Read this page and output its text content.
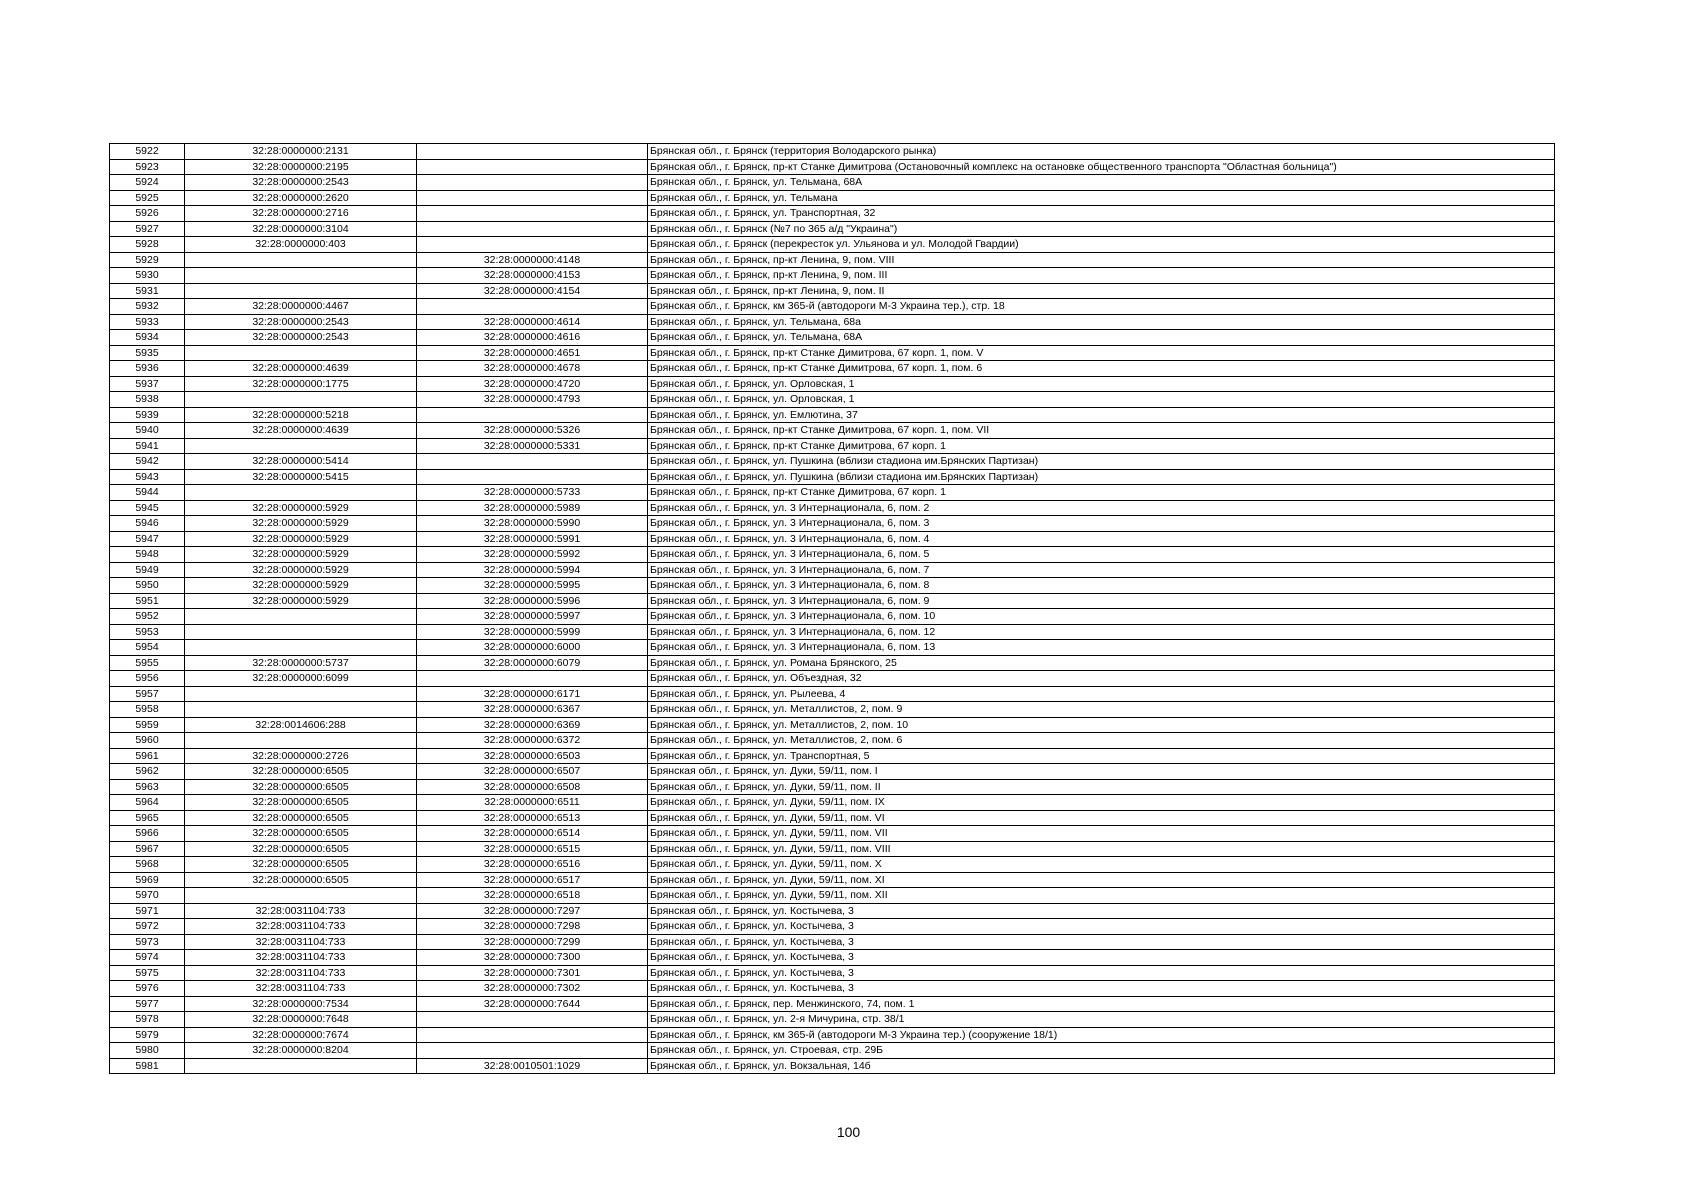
5922	32:28:0000000:2131		Брянская обл., г. Брянск (территория Володарского рынка)
5923	32:28:0000000:2195		Брянская обл., г. Брянск, пр-кт Станке Димитрова (Остановочный комплекс на остановке общественного транспорта "Областная больница")
5924	32:28:0000000:2543		Брянская обл., г. Брянск, ул. Тельмана, 68А
5925	32:28:0000000:2620		Брянская обл., г. Брянск, ул. Тельмана
5926	32:28:0000000:2716		Брянская обл., г. Брянск, ул. Транспортная, 32
5927	32:28:0000000:3104		Брянская обл., г. Брянск (№7 по 365 а/д "Украина")
5928	32:28:0000000:403		Брянская обл., г. Брянск (перекресток ул. Ульянова и ул. Молодой Гвардии)
5929		32:28:0000000:4148	Брянская обл., г. Брянск, пр-кт Ленина, 9, пом. VIII
5930		32:28:0000000:4153	Брянская обл., г. Брянск, пр-кт Ленина, 9, пом. III
5931		32:28:0000000:4154	Брянская обл., г. Брянск, пр-кт Ленина, 9, пом. II
5932	32:28:0000000:4467		Брянская обл., г. Брянск, км 365-й (автодороги М-3 Украина тер.), стр. 18
5933	32:28:0000000:2543	32:28:0000000:4614	Брянская обл., г. Брянск, ул. Тельмана, 68а
5934	32:28:0000000:2543	32:28:0000000:4616	Брянская обл., г. Брянск, ул. Тельмана, 68А
5935		32:28:0000000:4651	Брянская обл., г. Брянск, пр-кт Станке Димитрова, 67 корп. 1, пом. V
5936	32:28:0000000:4639	32:28:0000000:4678	Брянская обл., г. Брянск, пр-кт Станке Димитрова, 67 корп. 1, пом. 6
5937	32:28:0000000:1775	32:28:0000000:4720	Брянская обл., г. Брянск, ул. Орловская, 1
5938		32:28:0000000:4793	Брянская обл., г. Брянск, ул. Орловская, 1
5939	32:28:0000000:5218		Брянская обл., г. Брянск, ул. Емлютина, 37
5940	32:28:0000000:4639	32:28:0000000:5326	Брянская обл., г. Брянск, пр-кт Станке Димитрова, 67 корп. 1, пом. VII
5941		32:28:0000000:5331	Брянская обл., г. Брянск, пр-кт Станке Димитрова, 67 корп. 1
5942	32:28:0000000:5414		Брянская обл., г. Брянск, ул. Пушкина (вблизи стадиона им.Брянских Партизан)
5943	32:28:0000000:5415		Брянская обл., г. Брянск, ул. Пушкина (вблизи стадиона им.Брянских Партизан)
5944		32:28:0000000:5733	Брянская обл., г. Брянск, пр-кт Станке Димитрова, 67 корп. 1
5945	32:28:0000000:5929	32:28:0000000:5989	Брянская обл., г. Брянск, ул. 3 Интернационала, 6, пом. 2
5946	32:28:0000000:5929	32:28:0000000:5990	Брянская обл., г. Брянск, ул. 3 Интернационала, 6, пом. 3
5947	32:28:0000000:5929	32:28:0000000:5991	Брянская обл., г. Брянск, ул. 3 Интернационала, 6, пом. 4
5948	32:28:0000000:5929	32:28:0000000:5992	Брянская обл., г. Брянск, ул. 3 Интернационала, 6, пом. 5
5949	32:28:0000000:5929	32:28:0000000:5994	Брянская обл., г. Брянск, ул. 3 Интернационала, 6, пом. 7
5950	32:28:0000000:5929	32:28:0000000:5995	Брянская обл., г. Брянск, ул. 3 Интернационала, 6, пом. 8
5951	32:28:0000000:5929	32:28:0000000:5996	Брянская обл., г. Брянск, ул. 3 Интернационала, 6, пом. 9
5952		32:28:0000000:5997	Брянская обл., г. Брянск, ул. 3 Интернационала, 6, пом. 10
5953		32:28:0000000:5999	Брянская обл., г. Брянск, ул. 3 Интернационала, 6, пом. 12
5954		32:28:0000000:6000	Брянская обл., г. Брянск, ул. 3 Интернационала, 6, пом. 13
5955	32:28:0000000:5737	32:28:0000000:6079	Брянская обл., г. Брянск, ул. Романа Брянского, 25
5956	32:28:0000000:6099		Брянская обл., г. Брянск, ул. Объездная, 32
5957		32:28:0000000:6171	Брянская обл., г. Брянск, ул. Рылеева, 4
5958		32:28:0000000:6367	Брянская обл., г. Брянск, ул. Металлистов, 2, пом. 9
5959	32:28:0014606:288	32:28:0000000:6369	Брянская обл., г. Брянск, ул. Металлистов, 2, пом. 10
5960		32:28:0000000:6372	Брянская обл., г. Брянск, ул. Металлистов, 2, пом. 6
5961	32:28:0000000:2726	32:28:0000000:6503	Брянская обл., г. Брянск, ул. Транспортная, 5
5962	32:28:0000000:6505	32:28:0000000:6507	Брянская обл., г. Брянск, ул. Дуки, 59/11, пом. I
5963	32:28:0000000:6505	32:28:0000000:6508	Брянская обл., г. Брянск, ул. Дуки, 59/11, пом. II
5964	32:28:0000000:6505	32:28:0000000:6511	Брянская обл., г. Брянск, ул. Дуки, 59/11, пом. IX
5965	32:28:0000000:6505	32:28:0000000:6513	Брянская обл., г. Брянск, ул. Дуки, 59/11, пом. VI
5966	32:28:0000000:6505	32:28:0000000:6514	Брянская обл., г. Брянск, ул. Дуки, 59/11, пом. VII
5967	32:28:0000000:6505	32:28:0000000:6515	Брянская обл., г. Брянск, ул. Дуки, 59/11, пом. VIII
5968	32:28:0000000:6505	32:28:0000000:6516	Брянская обл., г. Брянск, ул. Дуки, 59/11, пом. X
5969	32:28:0000000:6505	32:28:0000000:6517	Брянская обл., г. Брянск, ул. Дуки, 59/11, пом. XI
5970		32:28:0000000:6518	Брянская обл., г. Брянск, ул. Дуки, 59/11, пом. XII
5971	32:28:0031104:733	32:28:0000000:7297	Брянская обл., г. Брянск, ул. Костычева, 3
5972	32:28:0031104:733	32:28:0000000:7298	Брянская обл., г. Брянск, ул. Костычева, 3
5973	32:28:0031104:733	32:28:0000000:7299	Брянская обл., г. Брянск, ул. Костычева, 3
5974	32:28:0031104:733	32:28:0000000:7300	Брянская обл., г. Брянск, ул. Костычева, 3
5975	32:28:0031104:733	32:28:0000000:7301	Брянская обл., г. Брянск, ул. Костычева, 3
5976	32:28:0031104:733	32:28:0000000:7302	Брянская обл., г. Брянск, ул. Костычева, 3
5977	32:28:0000000:7534	32:28:0000000:7644	Брянская обл., г. Брянск, пер. Менжинского, 74, пом. 1
5978	32:28:0000000:7648		Брянская обл., г. Брянск, ул. 2-я Мичурина, стр. 38/1
5979	32:28:0000000:7674		Брянская обл., г. Брянск, км 365-й (автодороги М-3 Украина тер.) (сооружение 18/1)
5980	32:28:0000000:8204		Брянская обл., г. Брянск, ул. Строевая, стр. 29Б
5981		32:28:0010501:1029	Брянская обл., г. Брянск, ул. Вокзальная, 14б
100
